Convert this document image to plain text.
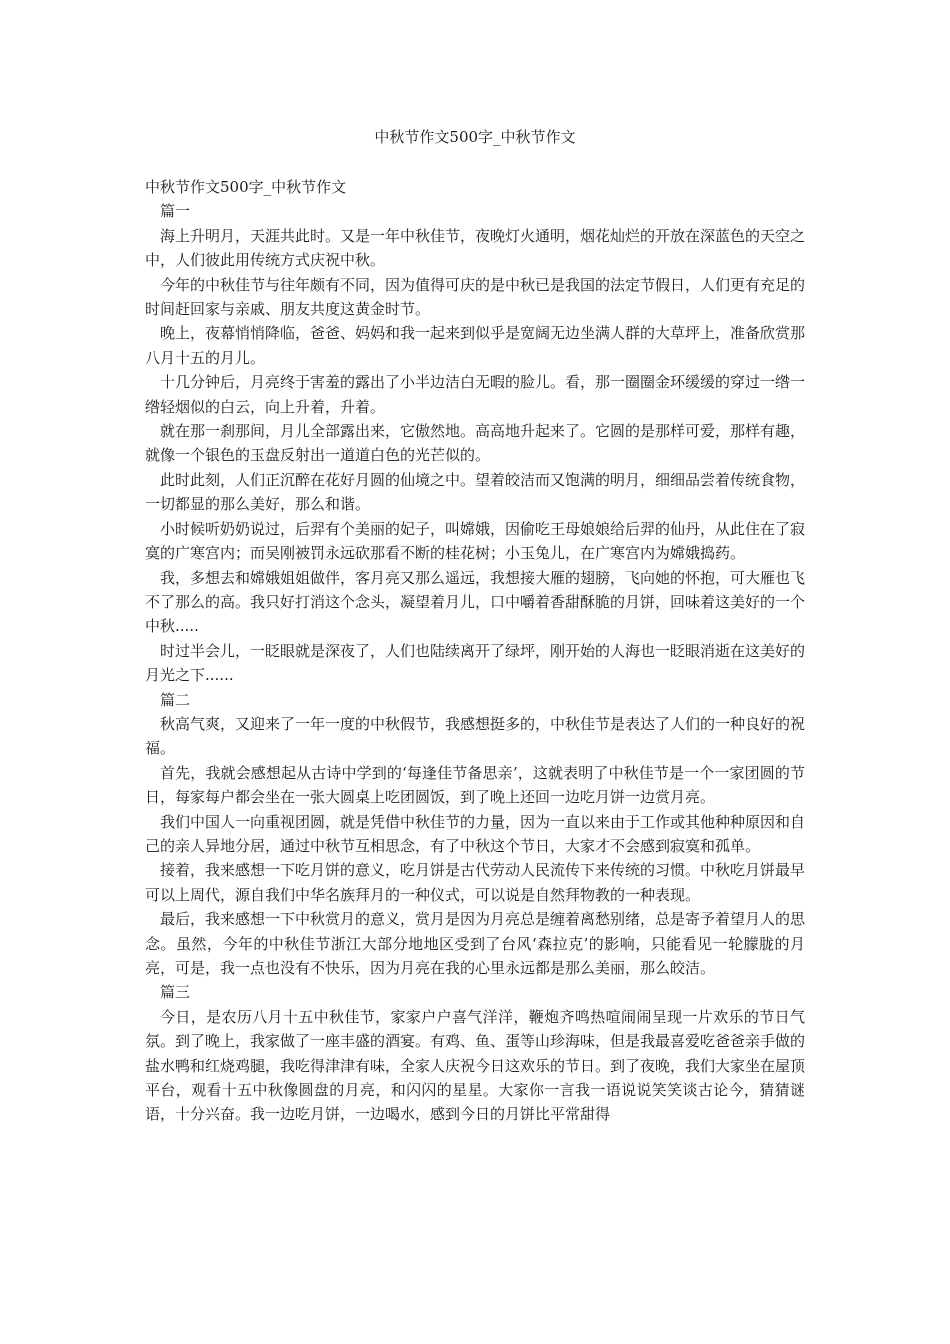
中秋节作文500字_中秋节作文

中秋节作文500字_中秋节作文

篇一

海上升明月，天涯共此时。又是一年中秋佳节，夜晚灯火通明，烟花灿烂的开放在深蓝色的天空之中，人们彼此用传统方式庆祝中秋。

今年的中秋佳节与往年颇有不同，因为值得可庆的是中秋已是我国的法定节假日，人们更有充足的时间赶回家与亲戚、朋友共度这黄金时节。

晚上，夜幕悄悄降临，爸爸、妈妈和我一起来到似乎是宽阔无边坐满人群的大草坪上，准备欣赏那八月十五的月儿。

十几分钟后，月亮终于害羞的露出了小半边洁白无暇的脸儿。看，那一圈圈金环缓缓的穿过一绺一绺轻烟似的白云，向上升着，升着。

就在那一刹那间，月儿全部露出来，它傲然地。高高地升起来了。它圆的是那样可爱，那样有趣，就像一个银色的玉盘反射出一道道白色的光芒似的。

此时此刻，人们正沉醉在花好月圆的仙境之中。望着皎洁而又饱满的明月，细细品尝着传统食物，一切都显的那么美好，那么和谐。

小时候听奶奶说过，后羿有个美丽的妃子，叫嫦娥，因偷吃王母娘娘给后羿的仙丹，从此住在了寂寞的广寒宫内；而吴刚被罚永远砍那看不断的桂花树；小玉兔儿，在广寒宫内为嫦娥捣药。

我，多想去和嫦娥姐姐做伴，客月亮又那么遥远，我想接大雁的翅膀，飞向她的怀抱，可大雁也飞不了那么的高。我只好打消这个念头，凝望着月儿，口中嚼着香甜酥脆的月饼，回味着这美好的一个中秋.....

时过半会儿，一眨眼就是深夜了，人们也陆续离开了绿坪，刚开始的人海也一眨眼消逝在这美好的月光之下......

篇二

秋高气爽，又迎来了一年一度的中秋假节，我感想挺多的，中秋佳节是表达了人们的一种良好的祝福。

首先，我就会感想起从古诗中学到的‘每逢佳节备思亲’，这就表明了中秋佳节是一个一家团圆的节日，每家每户都会坐在一张大圆桌上吃团圆饭，到了晚上还回一边吃月饼一边赏月亮。

我们中国人一向重视团圆，就是凭借中秋佳节的力量，因为一直以来由于工作或其他种种原因和自己的亲人异地分居，通过中秋节互相思念，有了中秋这个节日，大家才不会感到寂寞和孤单。

接着，我来感想一下吃月饼的意义，吃月饼是古代劳动人民流传下来传统的习惯。中秋吃月饼最早可以上周代，源自我们中华名族拜月的一种仪式，可以说是自然拜物教的一种表现。

最后，我来感想一下中秋赏月的意义，赏月是因为月亮总是缠着离愁别绪，总是寄予着望月人的思念。虽然，今年的中秋佳节浙江大部分地地区受到了台风‘森拉克’的影响，只能看见一轮朦胧的月亮，可是，我一点也没有不快乐，因为月亮在我的心里永远都是那么美丽，那么皎洁。

篇三

今日，是农历八月十五中秋佳节，家家户户喜气洋洋，鞭炮齐鸣热喧闹闹呈现一片欢乐的节日气氛。到了晚上，我家做了一座丰盛的酒宴。有鸡、鱼、蛋等山珍海味，但是我最喜爱吃爸爸亲手做的盐水鸭和红烧鸡腿，我吃得津津有味，全家人庆祝今日这欢乐的节日。到了夜晚，我们大家坐在屋顶平台，观看十五中秋像圆盘的月亮，和闪闪的星星。大家你一言我一语说说笑笑谈古论今，猜猜谜语，十分兴奋。我一边吃月饼，一边喝水，感到今日的月饼比平常甜得
